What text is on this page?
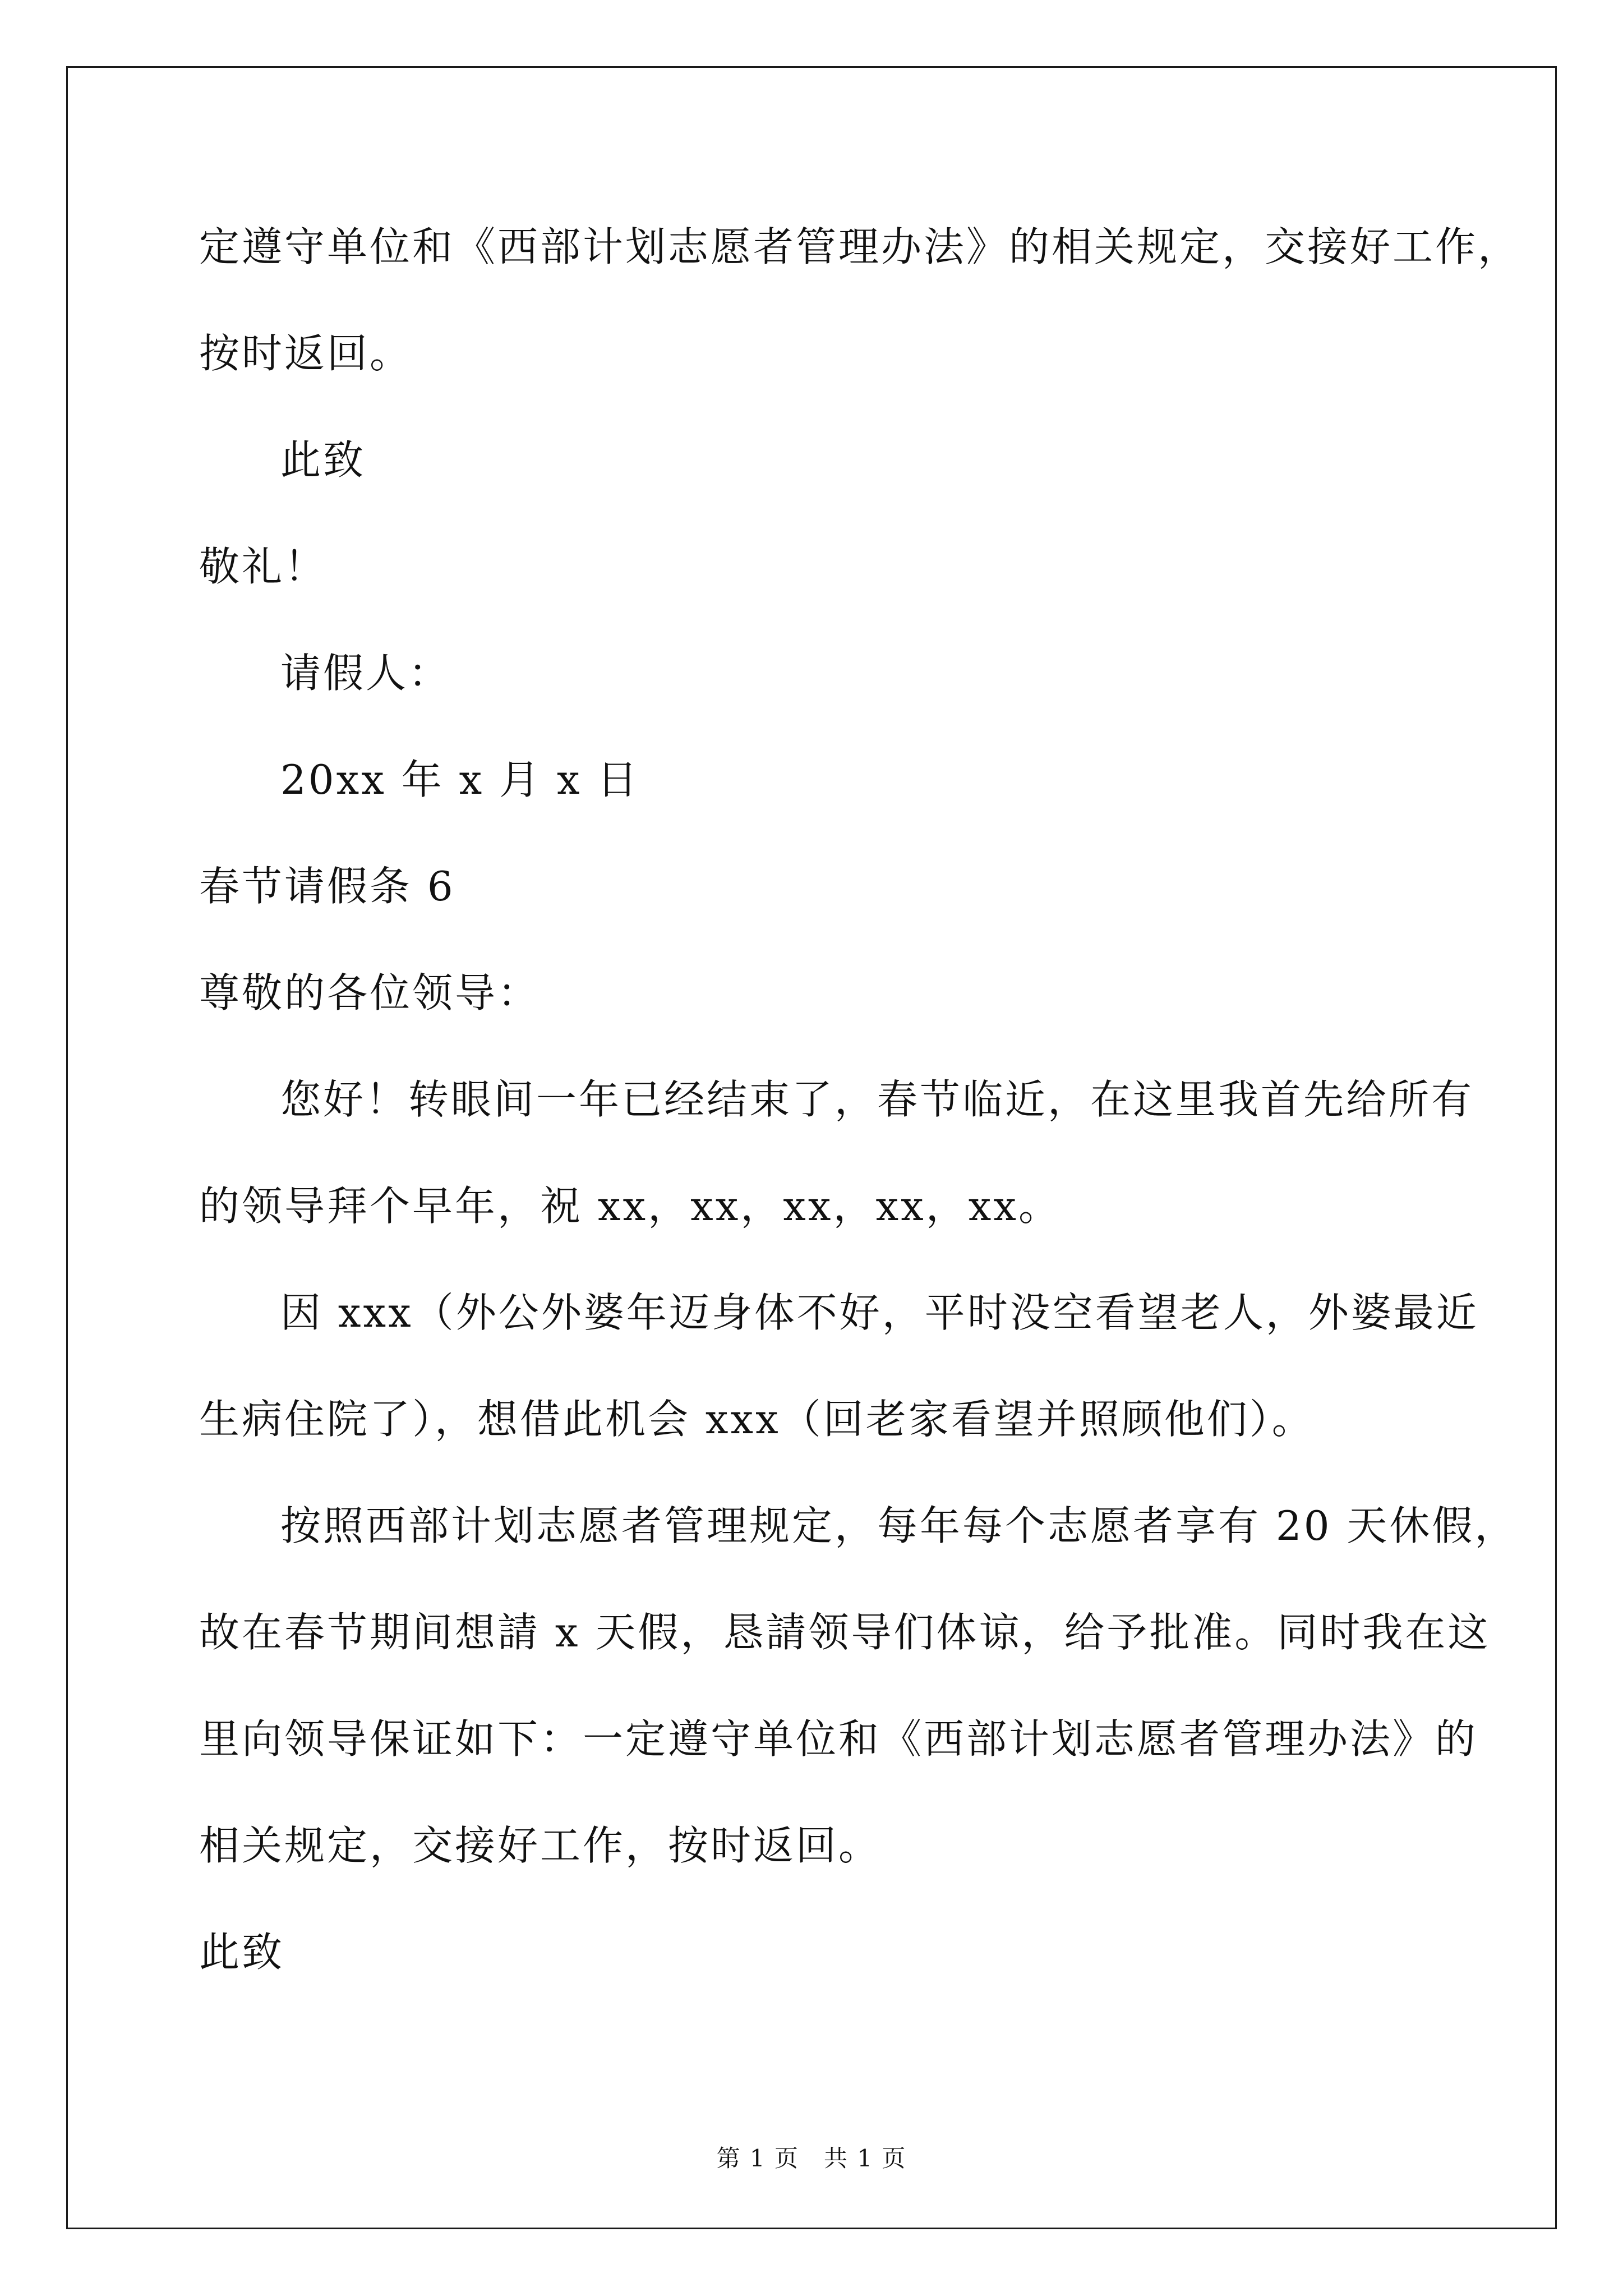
定遵守单位和《西部计划志愿者管理办法》的相关规定，交接好工作，
按时返回。
此致
敬礼！
请假人：
20xx 年 x 月 x 日
春节请假条 6
尊敬的各位领导：
您好！转眼间一年已经结束了，春节临近，在这里我首先给所有
的领导拜个早年，祝 xx，xx，xx，xx，xx。
因 xxx（外公外婆年迈身体不好，平时没空看望老人，外婆最近
生病住院了），想借此机会 xxx（回老家看望并照顾他们）。
按照西部计划志愿者管理规定，每年每个志愿者享有 20 天休假，
故在春节期间想請 x 天假，恳請领导们体谅，给予批准。同时我在这
里向领导保证如下：一定遵守单位和《西部计划志愿者管理办法》的
相关规定，交接好工作，按时返回。
此致
第 1 页　共 1 页
